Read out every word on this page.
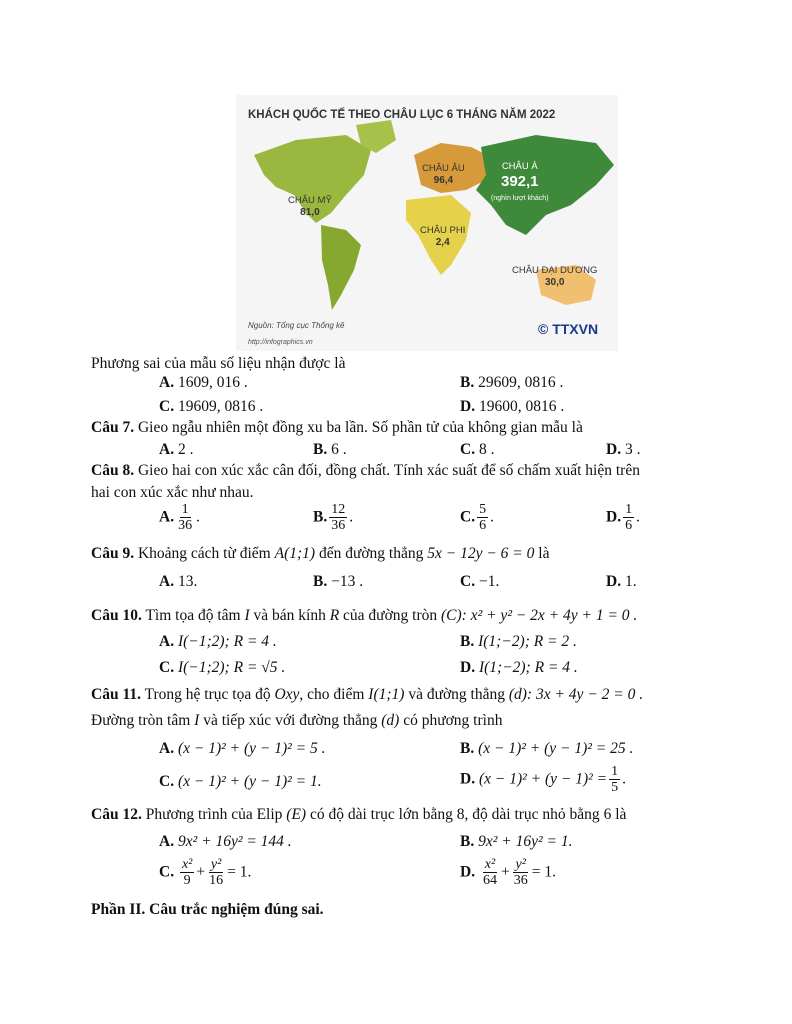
KHÁCH QUỐC TẾ THEO CHÂU LỤC 6 THÁNG NĂM 2022
CHÂU MỸ
81,0
CHÂU ÂU
96,4
CHÂU Á
392,1
(nghìn lượt khách)
CHÂU PHI
2,4
CHÂU ĐẠI DƯƠNG
30,0
Nguồn: Tổng cục Thống kê
http://infographics.vn
© TTXVN
Phương sai của mẫu số liệu nhận được là
A. 1609, 016 .	B. 29609, 0816 .
C. 19609, 0816 .	D. 19600, 0816 .
Câu 7. Gieo ngẫu nhiên một đồng xu ba lần. Số phần tử của không gian mẫu là
A. 2 .	B. 6 .	C. 8 .	D. 3 .
Câu 8. Gieo hai con xúc xắc cân đối, đồng chất. Tính xác suất để số chấm xuất hiện trên
hai con xúc xắc như nhau.
A. $\frac{1}{36}$ .	B. $\frac{12}{36}$ .	C. $\frac{5}{6}$ .	D. $\frac{1}{6}$ .
Câu 9. Khoảng cách từ điểm A(1;1) đến đường thẳng 5x − 12y − 6 = 0 là
A. 13.	B. −13 .	C. −1.	D. 1.
Câu 10. Tìm tọa độ tâm I và bán kính R của đường tròn (C): x² + y² − 2x + 4y + 1 = 0 .
A. I(−1;2); R = 4 .	B. I(1;−2); R = 2 .
C. I(−1;2); R = √5 .	D. I(1;−2); R = 4 .
Câu 11. Trong hệ trục tọa độ Oxy, cho điểm I(1;1) và đường thẳng (d): 3x + 4y − 2 = 0 .
Đường tròn tâm I và tiếp xúc với đường thẳng (d) có phương trình
A. (x − 1)² + (y − 1)² = 5 .	B. (x − 1)² + (y − 1)² = 25 .
C. (x − 1)² + (y − 1)² = 1.	D. $(x - 1)^2 + (y - 1)^2 = \frac{1}{5}$ .
Câu 12. Phương trình của Elip (E) có độ dài trục lớn bằng 8, độ dài trục nhỏ bằng 6 là
A. 9x² + 16y² = 144 .	B. 9x² + 16y² = 1.
C. $\frac{\text{x²}}{9} + \frac{\text{y²}}{16} = 1$.	D. $\frac{\text{x²}}{64} + \frac{\text{y²}}{36} = 1$.
Phần II. Câu trắc nghiệm đúng sai.
